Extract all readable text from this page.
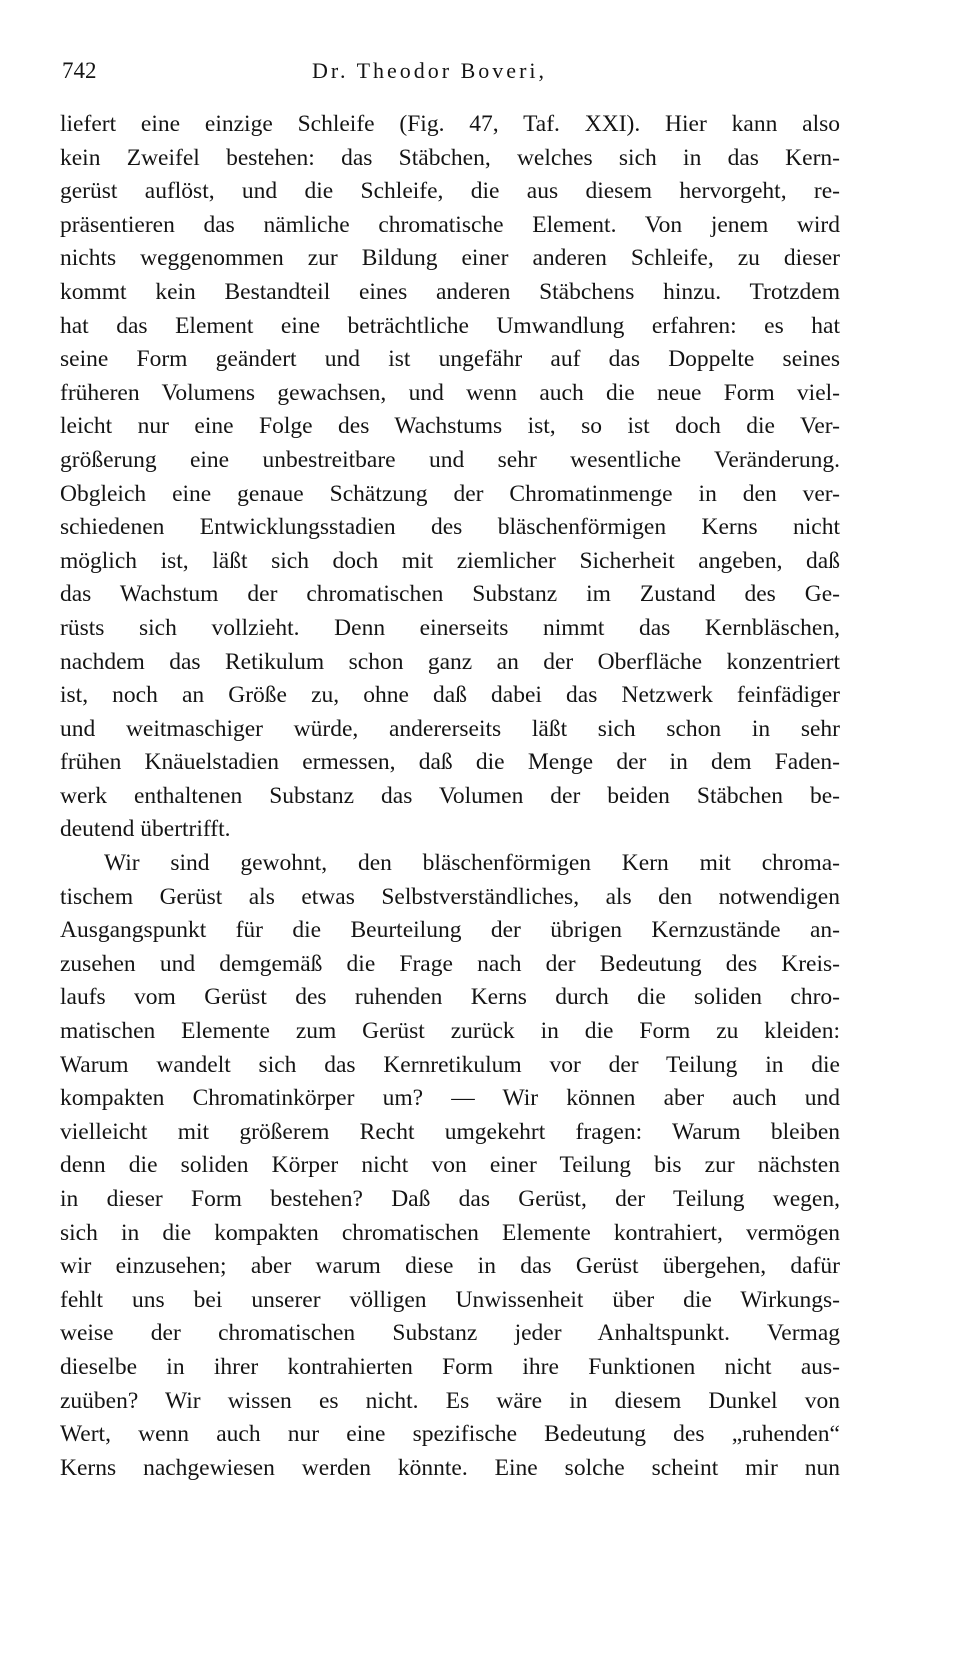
742	Dr. Theodor Boveri,
liefert eine einzige Schleife (Fig. 47, Taf. XXI). Hier kann also
kein Zweifel bestehen: das Stäbchen, welches sich in das Kern-
gerüst auflöst, und die Schleife, die aus diesem hervorgeht, re-
präsentieren das nämliche chromatische Element. Von jenem wird
nichts weggenommen zur Bildung einer anderen Schleife, zu dieser
kommt kein Bestandteil eines anderen Stäbchens hinzu. Trotzdem
hat das Element eine beträchtliche Umwandlung erfahren: es hat
seine Form geändert und ist ungefähr auf das Doppelte seines
früheren Volumens gewachsen, und wenn auch die neue Form viel-
leicht nur eine Folge des Wachstums ist, so ist doch die Ver-
größerung eine unbestreitbare und sehr wesentliche Veränderung.
Obgleich eine genaue Schätzung der Chromatinmenge in den ver-
schiedenen Entwicklungsstadien des bläschenförmigen Kerns nicht
möglich ist, läßt sich doch mit ziemlicher Sicherheit angeben, daß
das Wachstum der chromatischen Substanz im Zustand des Ge-
rüsts sich vollzieht. Denn einerseits nimmt das Kernbläschen,
nachdem das Retikulum schon ganz an der Oberfläche konzentriert
ist, noch an Größe zu, ohne daß dabei das Netzwerk feinfädiger
und weitmaschiger würde, andererseits läßt sich schon in sehr
frühen Knäuelstadien ermessen, daß die Menge der in dem Faden-
werk enthaltenen Substanz das Volumen der beiden Stäbchen be-
deutend übertrifft.
Wir sind gewohnt, den bläschenförmigen Kern mit chroma-
tischem Gerüst als etwas Selbstverständliches, als den notwendigen
Ausgangspunkt für die Beurteilung der übrigen Kernzustände an-
zusehen und demgemäß die Frage nach der Bedeutung des Kreis-
laufs vom Gerüst des ruhenden Kerns durch die soliden chro-
matischen Elemente zum Gerüst zurück in die Form zu kleiden:
Warum wandelt sich das Kernretikulum vor der Teilung in die
kompakten Chromatinkörper um? — Wir können aber auch und
vielleicht mit größerem Recht umgekehrt fragen: Warum bleiben
denn die soliden Körper nicht von einer Teilung bis zur nächsten
in dieser Form bestehen? Daß das Gerüst, der Teilung wegen,
sich in die kompakten chromatischen Elemente kontrahiert, vermögen
wir einzusehen; aber warum diese in das Gerüst übergehen, dafür
fehlt uns bei unserer völligen Unwissenheit über die Wirkungs-
weise der chromatischen Substanz jeder Anhaltspunkt. Vermag
dieselbe in ihrer kontrahierten Form ihre Funktionen nicht aus-
zuüben? Wir wissen es nicht. Es wäre in diesem Dunkel von
Wert, wenn auch nur eine spezifische Bedeutung des „ruhenden“
Kerns nachgewiesen werden könnte. Eine solche scheint mir nun
